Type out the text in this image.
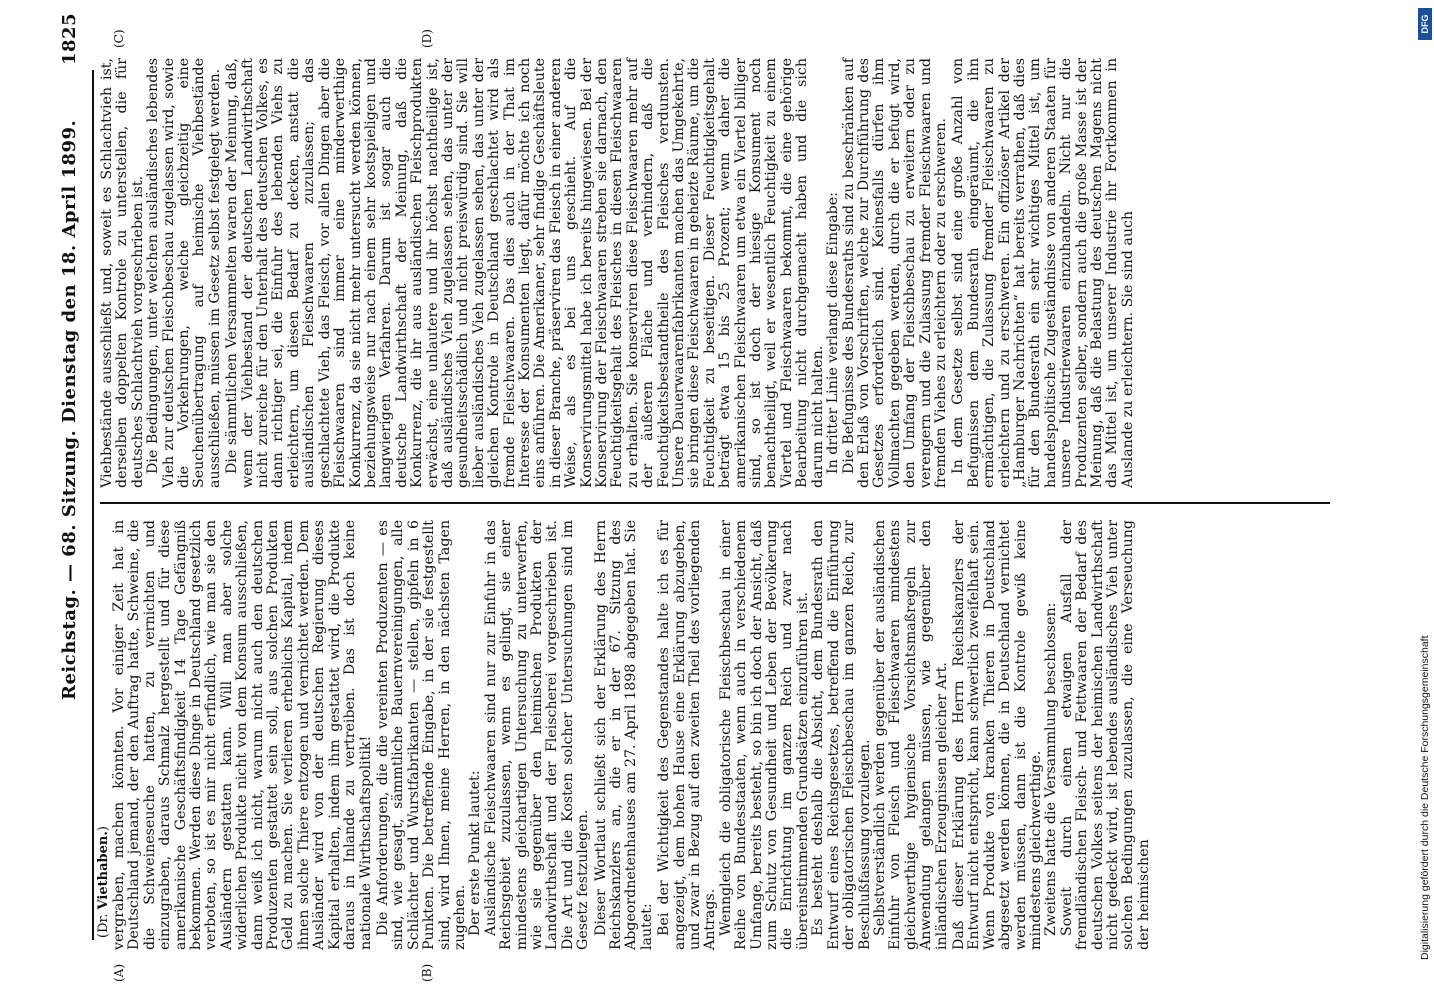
Reichstag. — 68. Sitzung. Dienstag den 18. April 1899.
1825
(Dr. Viethaben.)
(A)	(B)
(C)	(D)

vergraben, machen könnten. Vor einiger Zeit hat in Deutschland jemand, der den Auftrag hatte, Schweine, die die Schweineseuche hatten, zu vernichten und einzugraben, daraus Schmalz hergestellt und für diese amerikanische Geschäftsfindigkeit 14 Tage Gefängniß bekommen. Werden diese Dinge in Deutschland gesetzlich verboten, so ist es mir nicht erfindlich, wie man sie den Ausländern gestatten kann. Will man aber solche widerlichen Produkte nicht von dem Konsum ausschließen, dann weiß ich nicht, warum nicht auch den deutschen Produzenten gestattet sein soll, aus solchen Produkten Geld zu machen. Sie verlieren erheblichs Kapital, indem ihnen solche Thiere entzogen und vernichtet werden. Dem Ausländer wird von der deutschen Regierung dieses Kapital erhalten, indem ihm gestattet wird, die Produkte daraus in Inlande zu vertreiben. Das ist doch keine nationale Wirthschaftspolitik! Die Anforderungen, die die vereinten Produzenten — es sind, wie gesagt, sämmtliche Bauernvereinigungen, alle Schlächter und Wurstfabrikanten — stellen, gipfeln in 6 Punkten. Die betreffende Eingabe, in der sie festgestellt sind, wird Ihnen, meine Herren, in den nächsten Tagen zugehen. Der erste Punkt lautet: Ausländische Fleischwaaren sind nur zur Einfuhr in das Reichsgebiet zuzulassen, wenn es gelingt, sie einer mindestens gleichartigen Untersuchung zu unterwerfen, wie sie gegenüber den heimischen Produkten der Landwirthschaft und der Fleischerei vorgeschrieben ist. Die Art und die Kosten solcher Untersuchungen sind im Gesetz festzulegen. Dieser Wortlaut schließt sich der Erklärung des Herrn Reichskanzlers an, die er in der 67. Sitzung des Abgeordnetenhauses am 27. April 1898 abgegeben hat. Sie lautet: Bei der Wichtigkeit des Gegenstandes halte ich es für angezeigt, dem hohen Hause eine Erklärung abzugeben, und zwar in Bezug auf den zweiten Theil des vorliegenden Antrags. Wenngleich die obligatorische Fleischbeschau in einer Reihe von Bundesstaaten, wenn auch in verschiedenem Umfange, bereits besteht, so bin ich doch der Ansicht, daß zum Schutz von Gesundheit und Leben der Bevölkerung die Einrichtung im ganzen Reich und zwar nach übereinstimmenden Grundsätzen einzuführen ist. Es besteht deshalb die Absicht, dem Bundesrath den Entwurf eines Reichsgesetzes, betreffend die Einführung der obligatorischen Fleischbeschau im ganzen Reich, zur Beschlußfassung vorzulegen. Selbstverständlich werden gegenüber der ausländischen Einfuhr von Fleisch und Fleischwaaren mindestens gleichwerthige hygienische Vorsichtsmaßregeln zur Anwendung gelangen müssen, wie gegenüber den inländischen Erzeugnissen gleicher Art. Daß dieser Erklärung des Herrn Reichskanzlers der Entwurf nicht entspricht, kann schwerlich zweifelhaft sein. Wenn Produkte von kranken Thieren in Deutschland abgesetzt werden können, die in Deutschland vernichtet werden müssen, dann ist die Kontrole gewiß keine mindestens gleichwerthige. Zweitens hatte die Versammlung beschlossen: Soweit durch einen etwaigen Ausfall der fremdländischen Fleisch- und Fettwaaren der Bedarf des deutschen Volkes seitens der heimischen Landwirthschaft nicht gedeckt wird, ist lebendes ausländisches Vieh unter solchen Bedingungen zuzulassen, die eine Verseuchung der heimischen

Viehbestände ausschließt und, soweit es Schlachtvieh ist, derselben doppelten Kontrole zu unterstellen, die für deutsches Schlachtvieh vorgeschrieben ist. Die Bedingungen, unter welchen ausländisches lebendes Vieh zur deutschen Fleischbeschau zugelassen wird, sowie die Vorkehrungen, welche gleichzeitig eine Seuchenübertragung auf heimische Viehbestände ausschließen, müssen im Gesetz selbst festgelegt werden. Die sämmtlichen Versammelten waren der Meinung, daß, wenn der Viehbestand der deutschen Landwirthschaft nicht zureiche für den Unterhalt des deutschen Volkes, es dann richtiger sei, die Einfuhr des lebenden Viehs zu erleichtern, um diesen Bedarf zu decken, anstatt die ausländischen Fleischwaaren zuzulassen; das geschlachtete Vieh, das Fleisch, vor allen Dingen aber die Fleischwaaren sind immer eine minderwerthige Konkurrenz, da sie nicht mehr untersucht werden können, beziehungsweise nur nach einem sehr kostspieligen und langwierigen Verfahren. Darum ist sogar auch die deutsche Landwirthschaft der Meinung, daß die Konkurrenz, die ihr aus ausländischen Fleischprodukten erwächst, eine unlautere und ihr höchst nachtheilige ist, daß ausländisches Vieh zugelassen sehen, das unter der gesundheitsschädlich und nicht preiswürdig sind. Sie will lieber ausländisches Vieh zugelassen sehen, das unter der gleichen Kontrole in Deutschland geschlachtet wird als fremde Fleischwaaren. Das dies auch in der That im Interesse der Konsumenten liegt, dafür möchte ich noch eins anführen. Die Amerikaner, sehr findige Geschäftsleute in dieser Branche, präserviren das Fleisch in einer anderen Weise, als es bei uns geschieht. Auf die Konservirungsmittel habe ich bereits hingewiesen. Bei der Konservirung der Fleischwaaren streben sie darnach, den Feuchtigkeitsgehalt des Fleisches in diesen Fleischwaaren zu erhalten. Sie konserviren diese Fleischwaaren mehr auf der äußeren Fläche und verhindern, daß die Feuchtigkeitsbestandtheile des Fleisches verdunsten. Unsere Dauerwaarenfabrikanten machen das Umgekehrte, sie bringen diese Fleischwaaren in geheizte Räume, um die Feuchtigkeit zu beseitigen. Dieser Feuchtigkeitsgehalt beträgt etwa 15 bis 25 Prozent; wenn daher die amerikanischen Fleischwaaren um etwa ein Viertel billiger sind, so ist doch der hiesige Konsument noch benachtheiligt, weil er wesentlich Feuchtigkeit zu einem Viertel und Fleischwaaren bekommt, die eine gehörige Bearbeitung nicht durchgemacht haben und die sich darum nicht halten. In dritter Linie verlangt diese Eingabe: Die Befugnisse des Bundesraths sind zu beschränken auf den Erlaß von Vorschriften, welche zur Durchführung des Gesetzes erforderlich sind. Keinesfalls dürfen ihm Vollmachten gegeben werden, durch die er befugt wird, den Umfang der Fleischbeschau zu erweitern oder zu verengern und die Zulassung fremder Fleischwaaren und fremden Viehes zu erleichtern oder zu erschweren. In dem Gesetze selbst sind eine große Anzahl von Befugnissen dem Bundesrath eingeräumt, die ihn ermächtigen, die Zulassung fremder Fleischwaaren zu erleichtern und zu erschweren. Ein offiziöser Artikel der „Hamburger Nachrichten“ hat bereits verrathen, daß dies für den Bundesrath ein sehr wichtiges Mittel ist, um handelspolitische Zugeständnisse von anderen Staaten für unsere Industriewaaren einzuhandeln. Nicht nur die Produzenten selber, sondern auch die große Masse ist der Meinung, daß die Belastung des deutschen Magens nicht das Mittel ist, um unserer Industrie ihr Fortkommen in Auslande zu erleichtern. Sie sind auch

Digitalisierung gefördert durch die Deutsche Forschungsgemeinschaft
DFG
